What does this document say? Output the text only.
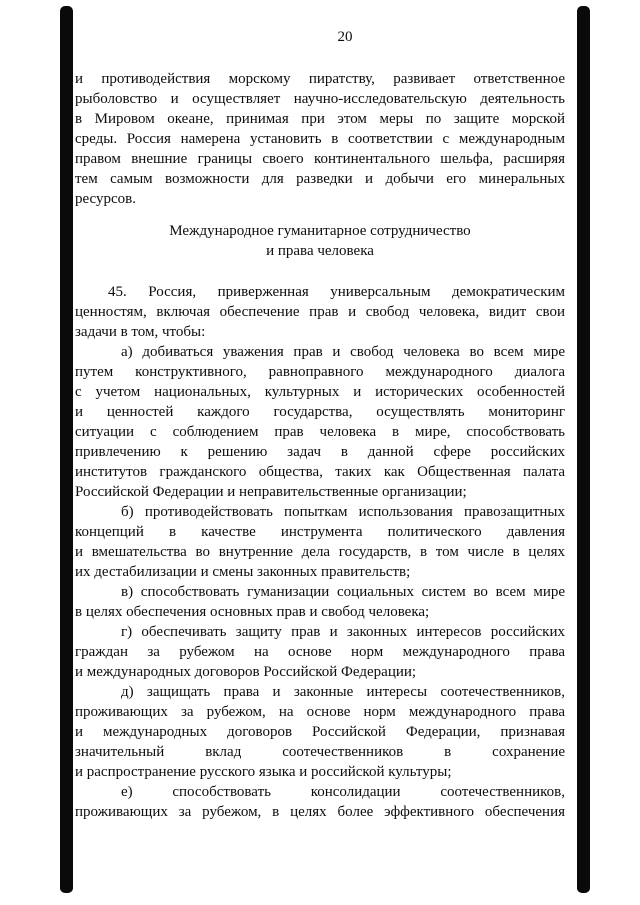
20
и противодействия морскому пиратству, развивает ответственное
рыболовство и осуществляет научно-исследовательскую деятельность
в Мировом океане, принимая при этом меры по защите морской
среды. Россия намерена установить в соответствии с международным
правом внешние границы своего континентального шельфа, расширяя
тем самым возможности для разведки и добычи его минеральных
ресурсов.
Международное гуманитарное сотрудничество
и права человека
45. Россия, приверженная универсальным демократическим
ценностям, включая обеспечение прав и свобод человека, видит свои
задачи в том, чтобы:
а) добиваться уважения прав и свобод человека во всем мире
путем конструктивного, равноправного международного диалога
с учетом национальных, культурных и исторических особенностей
и ценностей каждого государства, осуществлять мониторинг
ситуации с соблюдением прав человека в мире, способствовать
привлечению к решению задач в данной сфере российских
институтов гражданского общества, таких как Общественная палата
Российской Федерации и неправительственные организации;
б) противодействовать попыткам использования правозащитных
концепций в качестве инструмента политического давления
и вмешательства во внутренние дела государств, в том числе в целях
их дестабилизации и смены законных правительств;
в) способствовать гуманизации социальных систем во всем мире
в целях обеспечения основных прав и свобод человека;
г) обеспечивать защиту прав и законных интересов российских
граждан за рубежом на основе норм международного права
и международных договоров Российской Федерации;
д) защищать права и законные интересы соотечественников,
проживающих за рубежом, на основе норм международного права
и международных договоров Российской Федерации, признавая
значительный вклад соотечественников в сохранение
и распространение русского языка и российской культуры;
е) способствовать консолидации соотечественников,
проживающих за рубежом, в целях более эффективного обеспечения
